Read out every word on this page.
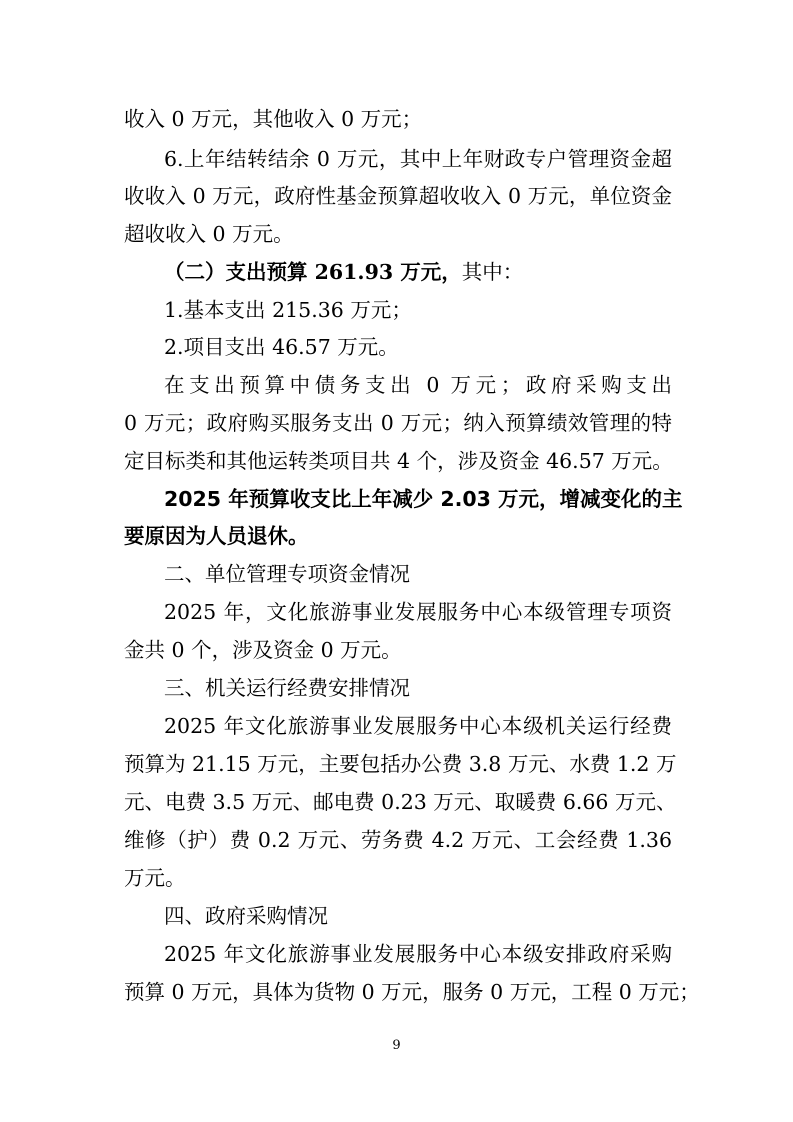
收入 0 万元，其他收入 0 万元；
6.上年结转结余 0 万元，其中上年财政专户管理资金超
收收入 0 万元，政府性基金预算超收收入 0 万元，单位资金
超收收入 0 万元。
（二）支出预算 261.93 万元，其中：
1.基本支出 215.36 万元；
2.项目支出 46.57 万元。
在支出预算中债务支出 0 万元；政府采购支出
0 万元；政府购买服务支出 0 万元；纳入预算绩效管理的特
定目标类和其他运转类项目共 4 个，涉及资金 46.57 万元。
2025 年预算收支比上年减少 2.03 万元，增减变化的主
要原因为人员退休。
二、单位管理专项资金情况
2025 年，文化旅游事业发展服务中心本级管理专项资
金共 0 个，涉及资金 0 万元。
三、机关运行经费安排情况
2025 年文化旅游事业发展服务中心本级机关运行经费
预算为 21.15 万元，主要包括办公费 3.8 万元、水费 1.2 万
元、电费 3.5 万元、邮电费 0.23 万元、取暖费 6.66 万元、
维修（护）费 0.2 万元、劳务费 4.2 万元、工会经费 1.36
万元。
四、政府采购情况
2025 年文化旅游事业发展服务中心本级安排政府采购
预算 0 万元，具体为货物 0 万元，服务 0 万元，工程 0 万元；
9
